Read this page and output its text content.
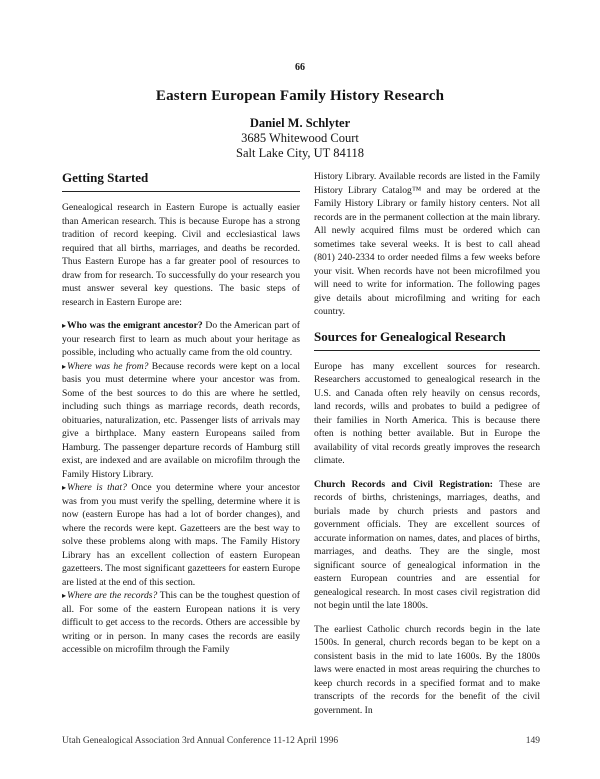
66
Eastern European Family History Research
Daniel M. Schlyter
3685 Whitewood Court
Salt Lake City, UT 84118
Getting Started

Genealogical research in Eastern Europe is actually easier than American research. This is because Europe has a strong tradition of record keeping. Civil and ecclesiastical laws required that all births, marriages, and deaths be recorded. Thus Eastern Europe has a far greater pool of resources to draw from for research. To successfully do your research you must answer several key questions. The basic steps of research in Eastern Europe are:

▸Who was the emigrant ancestor? Do the American part of your research first to learn as much about your heritage as possible, including who actually came from the old country.
▸Where was he from? Because records were kept on a local basis you must determine where your ancestor was from. Some of the best sources to do this are where he settled, including such things as marriage records, death records, obituaries, naturalization, etc. Passenger lists of arrivals may give a birthplace. Many eastern Europeans sailed from Hamburg. The passenger departure records of Hamburg still exist, are indexed and are available on microfilm through the Family History Library.
▸Where is that? Once you determine where your ancestor was from you must verify the spelling, determine where it is now (eastern Europe has had a lot of border changes), and where the records were kept. Gazetteers are the best way to solve these problems along with maps. The Family History Library has an excellent collection of eastern European gazetteers. The most significant gazetteers for eastern Europe are listed at the end of this section.
▸Where are the records? This can be the toughest question of all. For some of the eastern European nations it is very difficult to get access to the records. Others are accessible by writing or in person. In many cases the records are easily accessible on microfilm through the Family

History Library. Available records are listed in the Family History Library Catalog™ and may be ordered at the Family History Library or family history centers. Not all records are in the permanent collection at the main library. All newly acquired films must be ordered which can sometimes take several weeks. It is best to call ahead (801) 240-2334 to order needed films a few weeks before your visit. When records have not been microfilmed you will need to write for information. The following pages give details about microfilming and writing for each country.

Sources for Genealogical Research

Europe has many excellent sources for research. Researchers accustomed to genealogical research in the U.S. and Canada often rely heavily on census records, land records, wills and probates to build a pedigree of their families in North America. This is because there often is nothing better available. But in Europe the availability of vital records greatly improves the research climate.

Church Records and Civil Registration: These are records of births, christenings, marriages, deaths, and burials made by church priests and pastors and government officials. They are excellent sources of accurate information on names, dates, and places of births, marriages, and deaths. They are the single, most significant source of genealogical information in the eastern European countries and are essential for genealogical research. In most cases civil registration did not begin until the late 1800s.

The earliest Catholic church records begin in the late 1500s. In general, church records began to be kept on a consistent basis in the mid to late 1600s. By the 1800s laws were enacted in most areas requiring the churches to keep church records in a specified format and to make transcripts of the records for the benefit of the civil government. In

Utah Genealogical Association 3rd Annual Conference 11-12 April 1996	149
